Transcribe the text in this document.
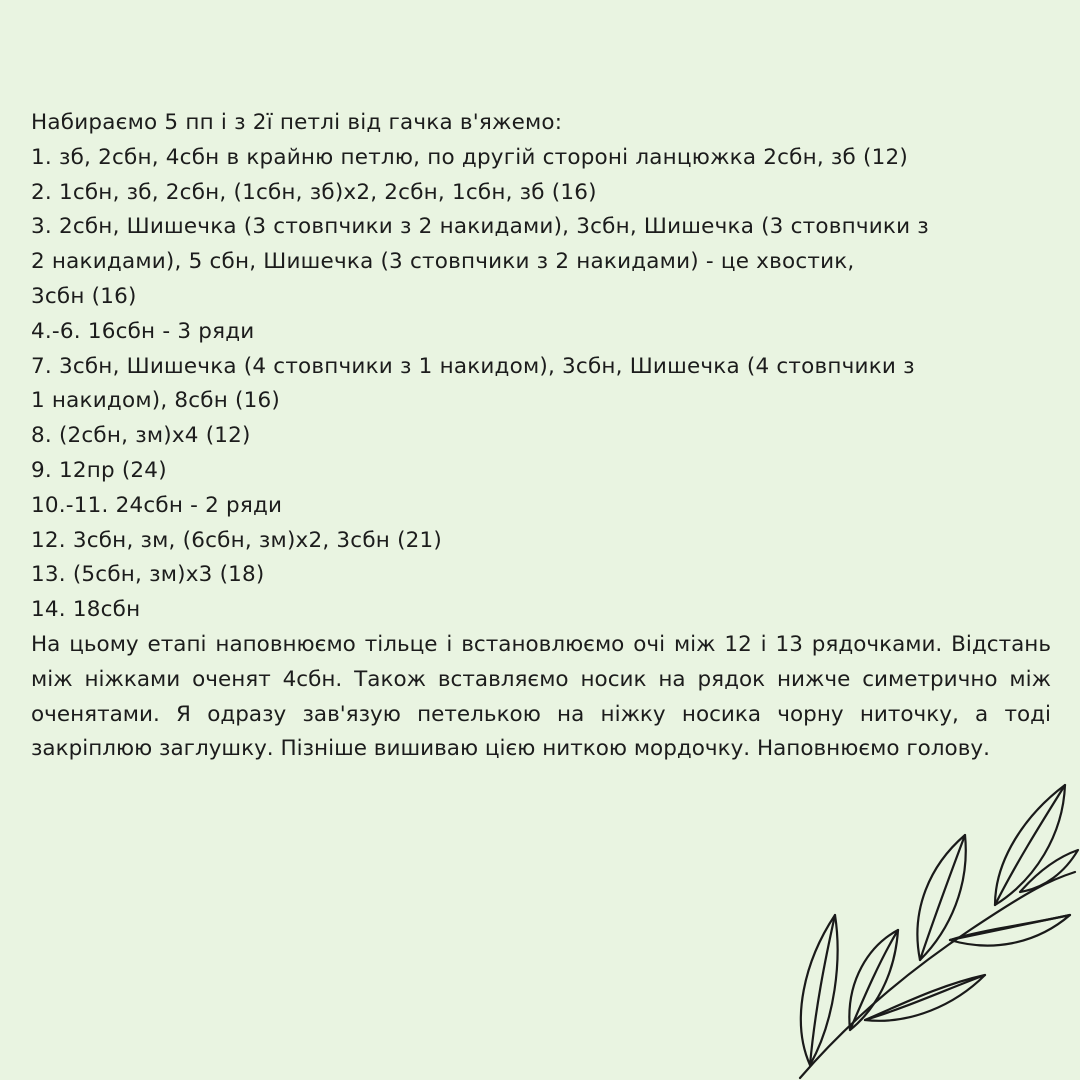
Набираємо 5 пп і з 2ї петлі від гачка в'яжемо:
1. зб, 2сбн, 4сбн в крайню петлю, по другій стороні ланцюжка 2сбн, зб (12)
2. 1сбн, зб, 2сбн, (1сбн, зб)х2, 2сбн, 1сбн, зб (16)
3. 2сбн, Шишечка (3 стовпчики з 2 накидами), 3сбн, Шишечка (3 стовпчики з
2 накидами), 5 сбн, Шишечка (3 стовпчики з 2 накидами) - це хвостик,
3сбн (16)
4.-6. 16сбн - 3 ряди
7. 3сбн, Шишечка (4 стовпчики з 1 накидом), 3сбн, Шишечка (4 стовпчики з
1 накидом), 8сбн (16)
8. (2сбн, зм)х4 (12)
9. 12пр (24)
10.-11. 24сбн - 2 ряди
12. 3сбн, зм, (6сбн, зм)х2, 3сбн (21)
13. (5сбн, зм)х3 (18)
14. 18сбн
На цьому етапі наповнюємо тільце і встановлюємо очі між 12 і 13 рядочками. Відстань між ніжками оченят 4сбн. Також вставляємо носик на рядок нижче симетрично між оченятами. Я одразу зав'язую петелькою на ніжку носика чорну ниточку, а тоді закріплюю заглушку. Пізніше вишиваю цією ниткою мордочку. Наповнюємо голову.
